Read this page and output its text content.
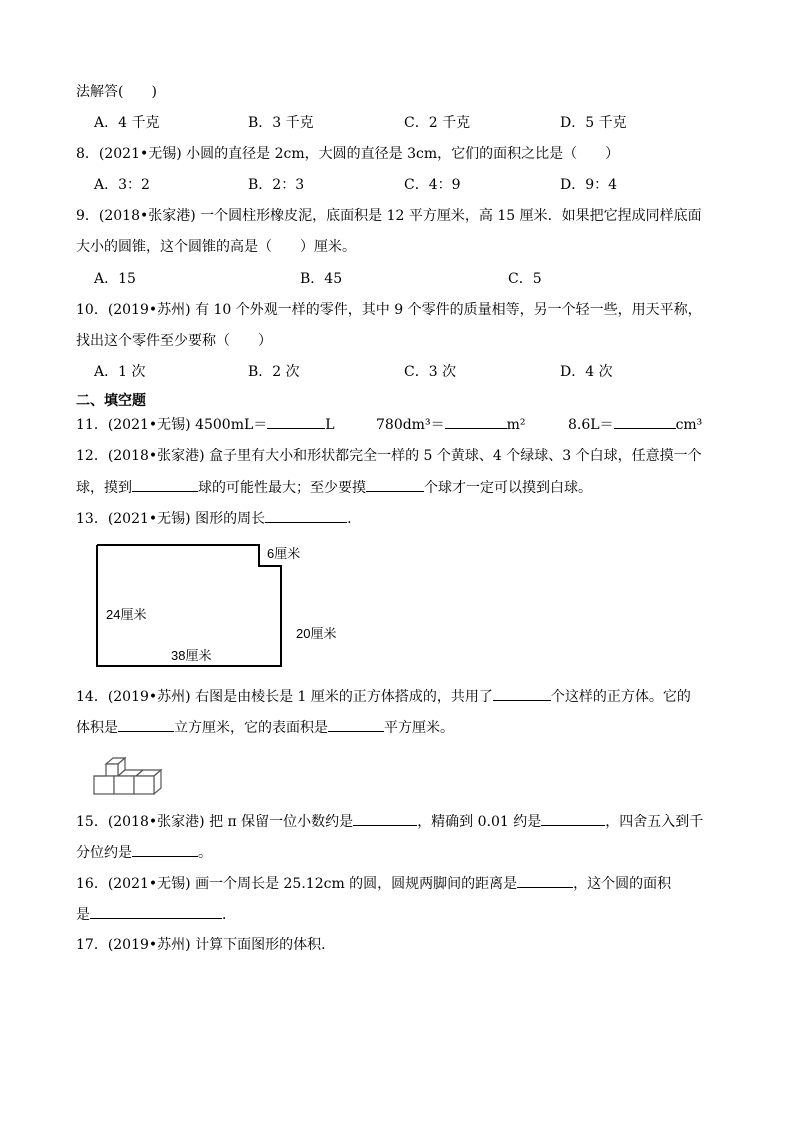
法解答(　　)
A．4 千克	B．3 千克	C．2 千克	D．5 千克
8．(2021•无锡) 小圆的直径是 2cm，大圆的直径是 3cm，它们的面积之比是（　　）
A．3：2	B．2：3	C．4：9	D．9：4
9．(2018•张家港) 一个圆柱形橡皮泥，底面积是 12 平方厘米，高 15 厘米．如果把它捏成同样底面
大小的圆锥，这个圆锥的高是（　　）厘米。
A．15	B．45	C．5
10．(2019•苏州) 有 10 个外观一样的零件，其中 9 个零件的质量相等，另一个轻一些，用天平称，
找出这个零件至少要称（　　）
A．1 次	B．2 次	C．3 次	D．4 次
二、填空题
11．(2021•无锡) 4500mL＝	L	780dm³＝	m²	8.6L＝	cm³
12．(2018•张家港) 盒子里有大小和形状都完全一样的 5 个黄球、4 个绿球、3 个白球，任意摸一个
球，摸到	球的可能性最大；至少要摸	个球才一定可以摸到白球。
13．(2021•无锡) 图形的周长	.
6厘米
24厘米
38厘米
20厘米
14．(2019•苏州) 右图是由棱长是 1 厘米的正方体搭成的，共用了	个这样的正方体。它的
体积是	立方厘米，它的表面积是	平方厘米。
15．(2018•张家港) 把 π 保留一位小数约是	，精确到 0.01 约是	，四舍五入到千
分位约是	。
16．(2021•无锡) 画一个周长是 25.12cm 的圆，圆规两脚间的距离是	，这个圆的面积
是	．
17．(2019•苏州) 计算下面图形的体积．
